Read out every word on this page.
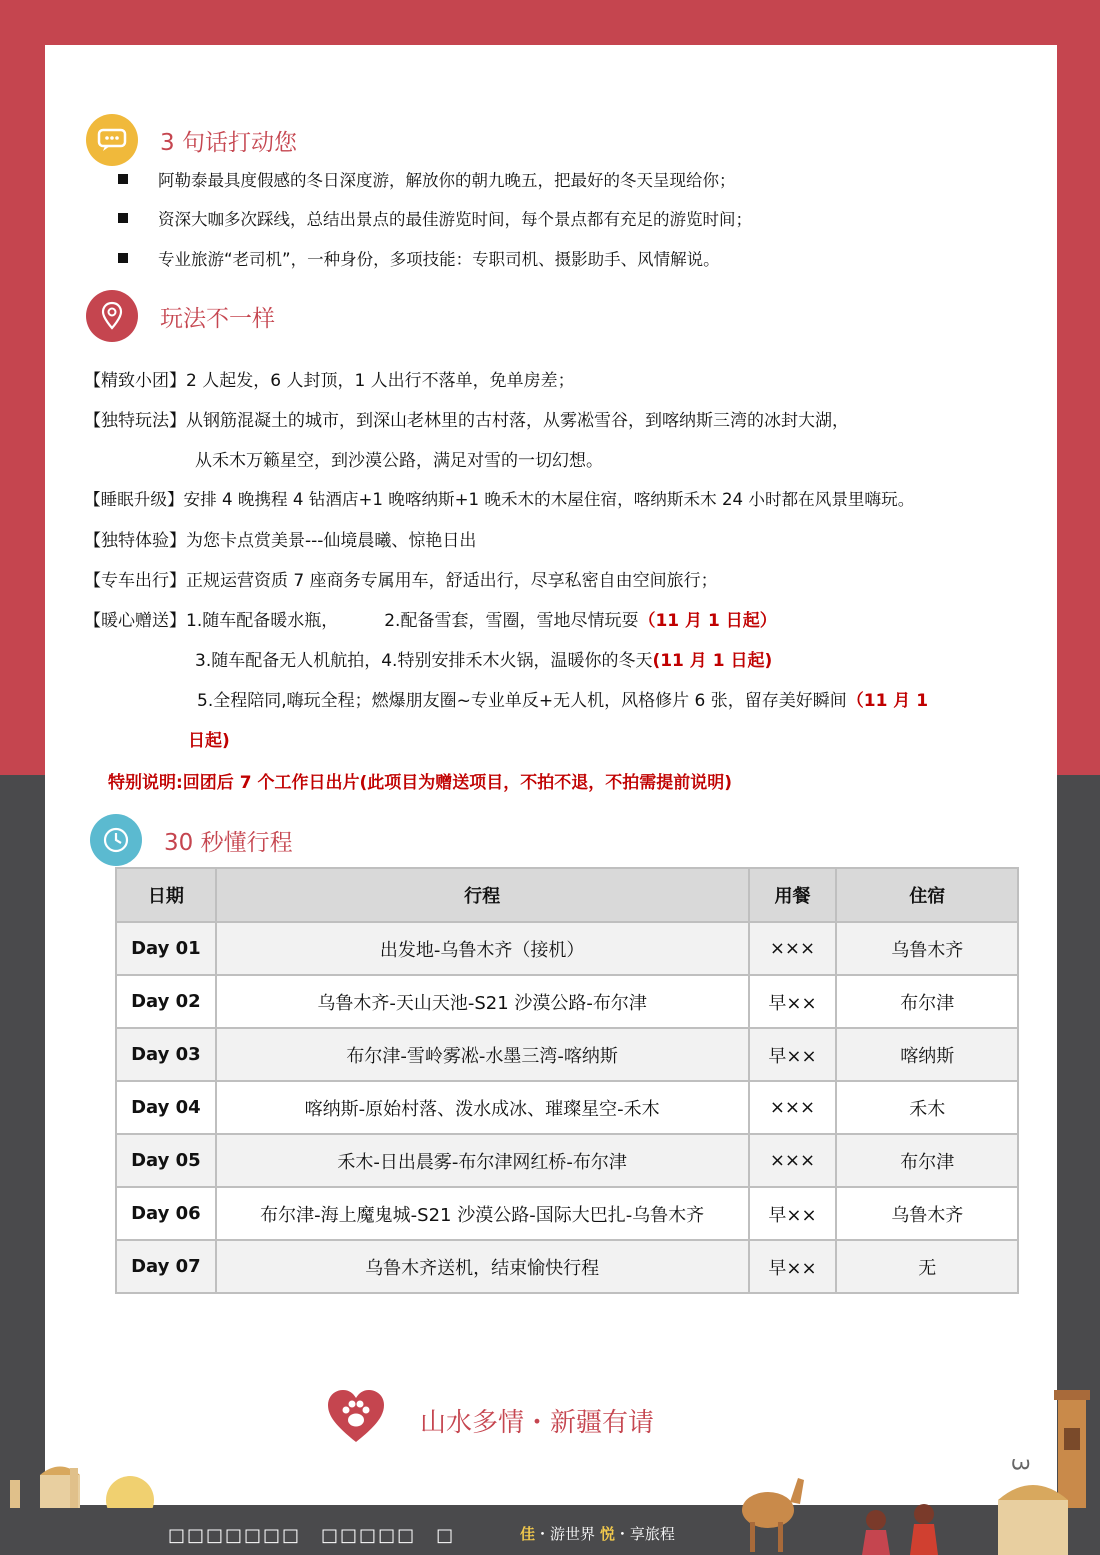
3 句话打动您
阿勒泰最具度假感的冬日深度游，解放你的朝九晚五，把最好的冬天呈现给你；
资深大咖多次踩线，总结出景点的最佳游览时间，每个景点都有充足的游览时间；
专业旅游“老司机”，一种身份，多项技能：专职司机、摄影助手、风情解说。
玩法不一样
【精致小团】2 人起发，6 人封顶，1 人出行不落单，免单房差；
【独特玩法】从钢筋混凝土的城市，到深山老林里的古村落，从雾凇雪谷，到喀纳斯三湾的冰封大湖，
从禾木万籁星空，到沙漠公路，满足对雪的一切幻想。
【睡眠升级】安排 4 晚携程 4 钻酒店+1 晚喀纳斯+1 晚禾木的木屋住宿，喀纳斯禾木 24 小时都在风景里嗨玩。
【独特体验】为您卡点赏美景---仙境晨曦、惊艳日出
【专车出行】正规运营资质 7 座商务专属用车，舒适出行，尽享私密自由空间旅行；
【暖心赠送】1.随车配备暖水瓶，	2.配备雪套，雪圈，雪地尽情玩耍（11 月 1 日起）
3.随车配备无人机航拍，4.特别安排禾木火锅，温暖你的冬天(11 月 1 日起)
5.全程陪同,嗨玩全程；燃爆朋友圈~专业单反+无人机，风格修片 6 张，留存美好瞬间（11 月 1
日起)
特别说明:回团后 7 个工作日出片(此项目为赠送项目，不拍不退，不拍需提前说明)
30 秒懂行程
日期	行程	用餐	住宿
Day 01	出发地-乌鲁木齐（接机）	×××	乌鲁木齐
Day 02	乌鲁木齐-天山天池-S21 沙漠公路-布尔津	早××	布尔津
Day 03	布尔津-雪岭雾凇-水墨三湾-喀纳斯	早××	喀纳斯
Day 04	喀纳斯-原始村落、泼水成冰、璀璨星空-禾木	×××	禾木
Day 05	禾木-日出晨雾-布尔津网红桥-布尔津	×××	布尔津
Day 06	布尔津-海上魔鬼城-S21 沙漠公路-国际大巴扎-乌鲁木齐	早××	乌鲁木齐
Day 07	乌鲁木齐送机，结束愉快行程	早××	无
山水多情・新疆有请
3
□□□□□□□　□□□□□　□	佳・游世界 悦・享旅程
